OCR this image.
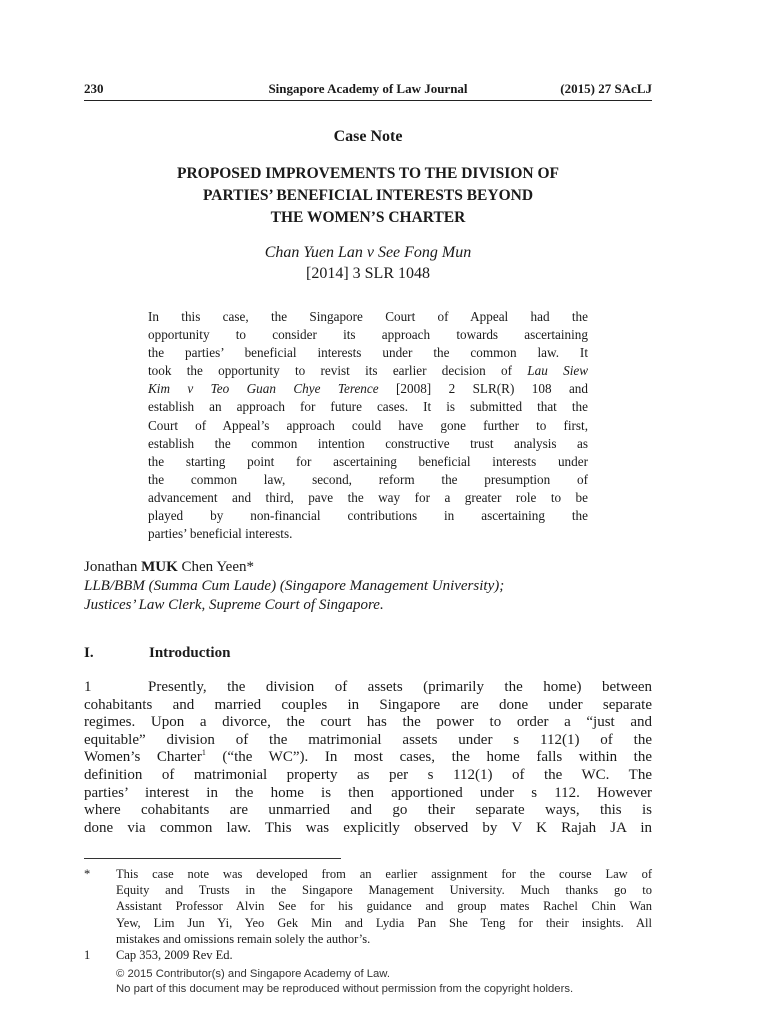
230	Singapore Academy of Law Journal	(2015) 27 SAcLJ
Case Note
PROPOSED IMPROVEMENTS TO THE DIVISION OF
PARTIES’ BENEFICIAL INTERESTS BEYOND
THE WOMEN’S CHARTER
Chan Yuen Lan v See Fong Mun
[2014] 3 SLR 1048
In this case, the Singapore Court of Appeal had the
opportunity to consider its approach towards ascertaining
the parties’ beneficial interests under the common law. It
took the opportunity to revist its earlier decision of Lau Siew
Kim v Teo Guan Chye Terence [2008] 2 SLR(R) 108 and
establish an approach for future cases. It is submitted that the
Court of Appeal’s approach could have gone further to first,
establish the common intention constructive trust analysis as
the starting point for ascertaining beneficial interests under
the common law, second, reform the presumption of
advancement and third, pave the way for a greater role to be
played by non-financial contributions in ascertaining the
parties’ beneficial interests.
Jonathan MUK Chen Yeen*
LLB/BBM (Summa Cum Laude) (Singapore Management University);
Justices’ Law Clerk, Supreme Court of Singapore.
I.	Introduction
1	Presently, the division of assets (primarily the home) between
cohabitants and married couples in Singapore are done under separate
regimes. Upon a divorce, the court has the power to order a “just and
equitable” division of the matrimonial assets under s 112(1) of the
Women’s Charter$^1$ (“the WC”). In most cases, the home falls within the
definition of matrimonial property as per s 112(1) of the WC. The
parties’ interest in the home is then apportioned under s 112. However
where cohabitants are unmarried and go their separate ways, this is
done via common law. This was explicitly observed by V K Rajah JA in
* This case note was developed from an earlier assignment for the course Law of
Equity and Trusts in the Singapore Management University. Much thanks go to
Assistant Professor Alvin See for his guidance and group mates Rachel Chin Wan
Yew, Lim Jun Yi, Yeo Gek Min and Lydia Pan She Teng for their insights. All
mistakes and omissions remain solely the author’s.
1 Cap 353, 2009 Rev Ed.
© 2015 Contributor(s) and Singapore Academy of Law.
No part of this document may be reproduced without permission from the copyright holders.
